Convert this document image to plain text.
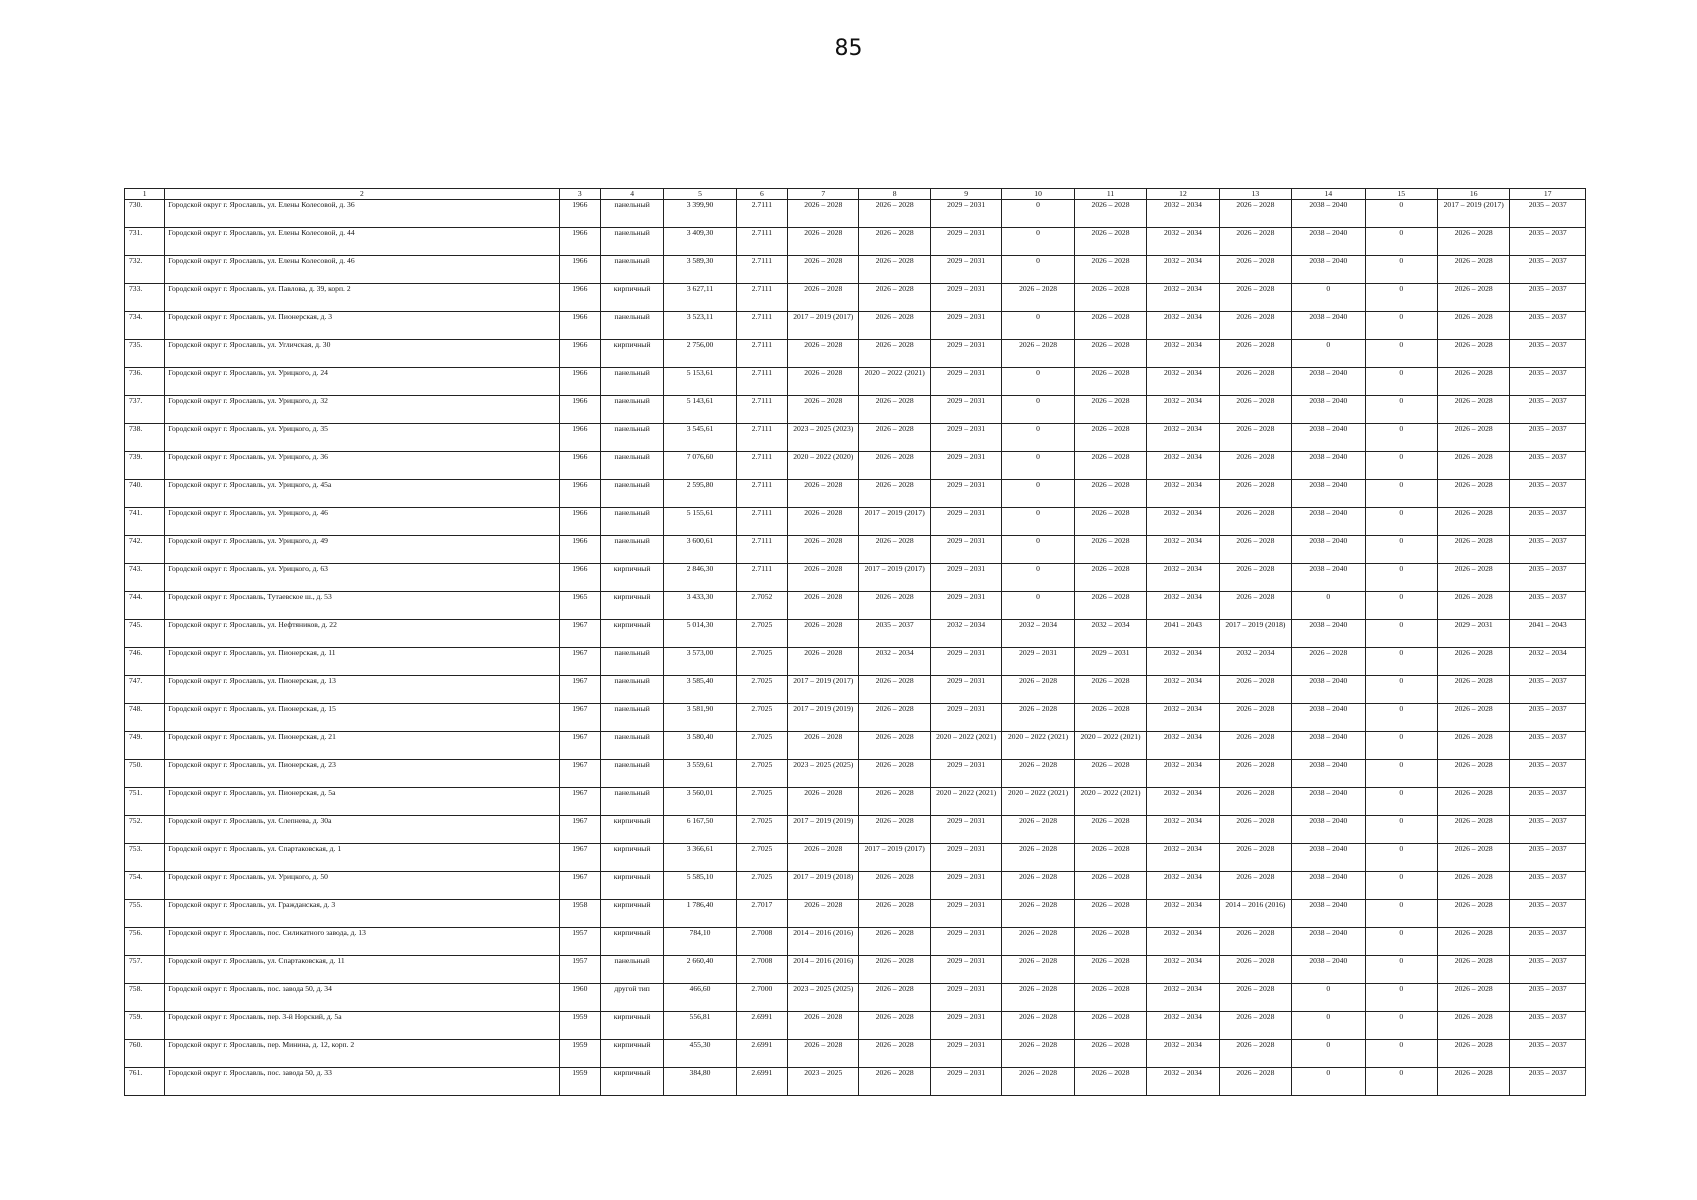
85
1	2	3	4	5	6	7	8	9	10	11	12	13	14	15	16	17
730.	Городской округ г. Ярославль, ул. Елены Колесовой, д. 36	1966	панельный	3 399,90	2.7111	2026 – 2028	2026 – 2028	2029 – 2031	0	2026 – 2028	2032 – 2034	2026 – 2028	2038 – 2040	0	2017 – 2019 (2017)	2035 – 2037
731.	Городской округ г. Ярославль, ул. Елены Колесовой, д. 44	1966	панельный	3 409,30	2.7111	2026 – 2028	2026 – 2028	2029 – 2031	0	2026 – 2028	2032 – 2034	2026 – 2028	2038 – 2040	0	2026 – 2028	2035 – 2037
732.	Городской округ г. Ярославль, ул. Елены Колесовой, д. 46	1966	панельный	3 589,30	2.7111	2026 – 2028	2026 – 2028	2029 – 2031	0	2026 – 2028	2032 – 2034	2026 – 2028	2038 – 2040	0	2026 – 2028	2035 – 2037
733.	Городской округ г. Ярославль, ул. Павлова, д. 39, корп. 2	1966	кирпичный	3 627,11	2.7111	2026 – 2028	2026 – 2028	2029 – 2031	2026 – 2028	2026 – 2028	2032 – 2034	2026 – 2028	0	0	2026 – 2028	2035 – 2037
734.	Городской округ г. Ярославль, ул. Пионерская, д. 3	1966	панельный	3 523,11	2.7111	2017 – 2019 (2017)	2026 – 2028	2029 – 2031	0	2026 – 2028	2032 – 2034	2026 – 2028	2038 – 2040	0	2026 – 2028	2035 – 2037
735.	Городской округ г. Ярославль, ул. Угличская, д. 30	1966	кирпичный	2 756,00	2.7111	2026 – 2028	2026 – 2028	2029 – 2031	2026 – 2028	2026 – 2028	2032 – 2034	2026 – 2028	0	0	2026 – 2028	2035 – 2037
736.	Городской округ г. Ярославль, ул. Урицкого, д. 24	1966	панельный	5 153,61	2.7111	2026 – 2028	2020 – 2022 (2021)	2029 – 2031	0	2026 – 2028	2032 – 2034	2026 – 2028	2038 – 2040	0	2026 – 2028	2035 – 2037
737.	Городской округ г. Ярославль, ул. Урицкого, д. 32	1966	панельный	5 143,61	2.7111	2026 – 2028	2026 – 2028	2029 – 2031	0	2026 – 2028	2032 – 2034	2026 – 2028	2038 – 2040	0	2026 – 2028	2035 – 2037
738.	Городской округ г. Ярославль, ул. Урицкого, д. 35	1966	панельный	3 545,61	2.7111	2023 – 2025 (2023)	2026 – 2028	2029 – 2031	0	2026 – 2028	2032 – 2034	2026 – 2028	2038 – 2040	0	2026 – 2028	2035 – 2037
739.	Городской округ г. Ярославль, ул. Урицкого, д. 36	1966	панельный	7 076,60	2.7111	2020 – 2022 (2020)	2026 – 2028	2029 – 2031	0	2026 – 2028	2032 – 2034	2026 – 2028	2038 – 2040	0	2026 – 2028	2035 – 2037
740.	Городской округ г. Ярославль, ул. Урицкого, д. 45а	1966	панельный	2 595,80	2.7111	2026 – 2028	2026 – 2028	2029 – 2031	0	2026 – 2028	2032 – 2034	2026 – 2028	2038 – 2040	0	2026 – 2028	2035 – 2037
741.	Городской округ г. Ярославль, ул. Урицкого, д. 46	1966	панельный	5 155,61	2.7111	2026 – 2028	2017 – 2019 (2017)	2029 – 2031	0	2026 – 2028	2032 – 2034	2026 – 2028	2038 – 2040	0	2026 – 2028	2035 – 2037
742.	Городской округ г. Ярославль, ул. Урицкого, д. 49	1966	панельный	3 600,61	2.7111	2026 – 2028	2026 – 2028	2029 – 2031	0	2026 – 2028	2032 – 2034	2026 – 2028	2038 – 2040	0	2026 – 2028	2035 – 2037
743.	Городской округ г. Ярославль, ул. Урицкого, д. 63	1966	кирпичный	2 846,30	2.7111	2026 – 2028	2017 – 2019 (2017)	2029 – 2031	0	2026 – 2028	2032 – 2034	2026 – 2028	2038 – 2040	0	2026 – 2028	2035 – 2037
744.	Городской округ г. Ярославль, Тутаевское ш., д. 53	1965	кирпичный	3 433,30	2.7052	2026 – 2028	2026 – 2028	2029 – 2031	0	2026 – 2028	2032 – 2034	2026 – 2028	0	0	2026 – 2028	2035 – 2037
745.	Городской округ г. Ярославль, ул. Нефтяников, д. 22	1967	кирпичный	5 014,30	2.7025	2026 – 2028	2035 – 2037	2032 – 2034	2032 – 2034	2032 – 2034	2041 – 2043	2017 – 2019 (2018)	2038 – 2040	0	2029 – 2031	2041 – 2043
746.	Городской округ г. Ярославль, ул. Пионерская, д. 11	1967	панельный	3 573,00	2.7025	2026 – 2028	2032 – 2034	2029 – 2031	2029 – 2031	2029 – 2031	2032 – 2034	2032 – 2034	2026 – 2028	0	2026 – 2028	2032 – 2034
747.	Городской округ г. Ярославль, ул. Пионерская, д. 13	1967	панельный	3 585,40	2.7025	2017 – 2019 (2017)	2026 – 2028	2029 – 2031	2026 – 2028	2026 – 2028	2032 – 2034	2026 – 2028	2038 – 2040	0	2026 – 2028	2035 – 2037
748.	Городской округ г. Ярославль, ул. Пионерская, д. 15	1967	панельный	3 581,90	2.7025	2017 – 2019 (2019)	2026 – 2028	2029 – 2031	2026 – 2028	2026 – 2028	2032 – 2034	2026 – 2028	2038 – 2040	0	2026 – 2028	2035 – 2037
749.	Городской округ г. Ярославль, ул. Пионерская, д. 21	1967	панельный	3 580,40	2.7025	2026 – 2028	2026 – 2028	2020 – 2022 (2021)	2020 – 2022 (2021)	2020 – 2022 (2021)	2032 – 2034	2026 – 2028	2038 – 2040	0	2026 – 2028	2035 – 2037
750.	Городской округ г. Ярославль, ул. Пионерская, д. 23	1967	панельный	3 559,61	2.7025	2023 – 2025 (2025)	2026 – 2028	2029 – 2031	2026 – 2028	2026 – 2028	2032 – 2034	2026 – 2028	2038 – 2040	0	2026 – 2028	2035 – 2037
751.	Городской округ г. Ярославль, ул. Пионерская, д. 5а	1967	панельный	3 560,01	2.7025	2026 – 2028	2026 – 2028	2020 – 2022 (2021)	2020 – 2022 (2021)	2020 – 2022 (2021)	2032 – 2034	2026 – 2028	2038 – 2040	0	2026 – 2028	2035 – 2037
752.	Городской округ г. Ярославль, ул. Слепнева, д. 30а	1967	кирпичный	6 167,50	2.7025	2017 – 2019 (2019)	2026 – 2028	2029 – 2031	2026 – 2028	2026 – 2028	2032 – 2034	2026 – 2028	2038 – 2040	0	2026 – 2028	2035 – 2037
753.	Городской округ г. Ярославль, ул. Спартаковская, д. 1	1967	кирпичный	3 366,61	2.7025	2026 – 2028	2017 – 2019 (2017)	2029 – 2031	2026 – 2028	2026 – 2028	2032 – 2034	2026 – 2028	2038 – 2040	0	2026 – 2028	2035 – 2037
754.	Городской округ г. Ярославль, ул. Урицкого, д. 50	1967	кирпичный	5 585,10	2.7025	2017 – 2019 (2018)	2026 – 2028	2029 – 2031	2026 – 2028	2026 – 2028	2032 – 2034	2026 – 2028	2038 – 2040	0	2026 – 2028	2035 – 2037
755.	Городской округ г. Ярославль, ул. Гражданская, д. 3	1958	кирпичный	1 786,40	2.7017	2026 – 2028	2026 – 2028	2029 – 2031	2026 – 2028	2026 – 2028	2032 – 2034	2014 – 2016 (2016)	2038 – 2040	0	2026 – 2028	2035 – 2037
756.	Городской округ г. Ярославль, пос. Силикатного завода, д. 13	1957	кирпичный	784,10	2.7008	2014 – 2016 (2016)	2026 – 2028	2029 – 2031	2026 – 2028	2026 – 2028	2032 – 2034	2026 – 2028	2038 – 2040	0	2026 – 2028	2035 – 2037
757.	Городской округ г. Ярославль, ул. Спартаковская, д. 11	1957	панельный	2 660,40	2.7008	2014 – 2016 (2016)	2026 – 2028	2029 – 2031	2026 – 2028	2026 – 2028	2032 – 2034	2026 – 2028	2038 – 2040	0	2026 – 2028	2035 – 2037
758.	Городской округ г. Ярославль, пос. завода 50, д. 34	1960	другой тип	466,60	2.7000	2023 – 2025 (2025)	2026 – 2028	2029 – 2031	2026 – 2028	2026 – 2028	2032 – 2034	2026 – 2028	0	0	2026 – 2028	2035 – 2037
759.	Городской округ г. Ярославль, пер. 3-й Норский, д. 5а	1959	кирпичный	556,81	2.6991	2026 – 2028	2026 – 2028	2029 – 2031	2026 – 2028	2026 – 2028	2032 – 2034	2026 – 2028	0	0	2026 – 2028	2035 – 2037
760.	Городской округ г. Ярославль, пер. Минина, д. 12, корп. 2	1959	кирпичный	455,30	2.6991	2026 – 2028	2026 – 2028	2029 – 2031	2026 – 2028	2026 – 2028	2032 – 2034	2026 – 2028	0	0	2026 – 2028	2035 – 2037
761.	Городской округ г. Ярославль, пос. завода 50, д. 33	1959	кирпичный	384,80	2.6991	2023 – 2025	2026 – 2028	2029 – 2031	2026 – 2028	2026 – 2028	2032 – 2034	2026 – 2028	0	0	2026 – 2028	2035 – 2037
